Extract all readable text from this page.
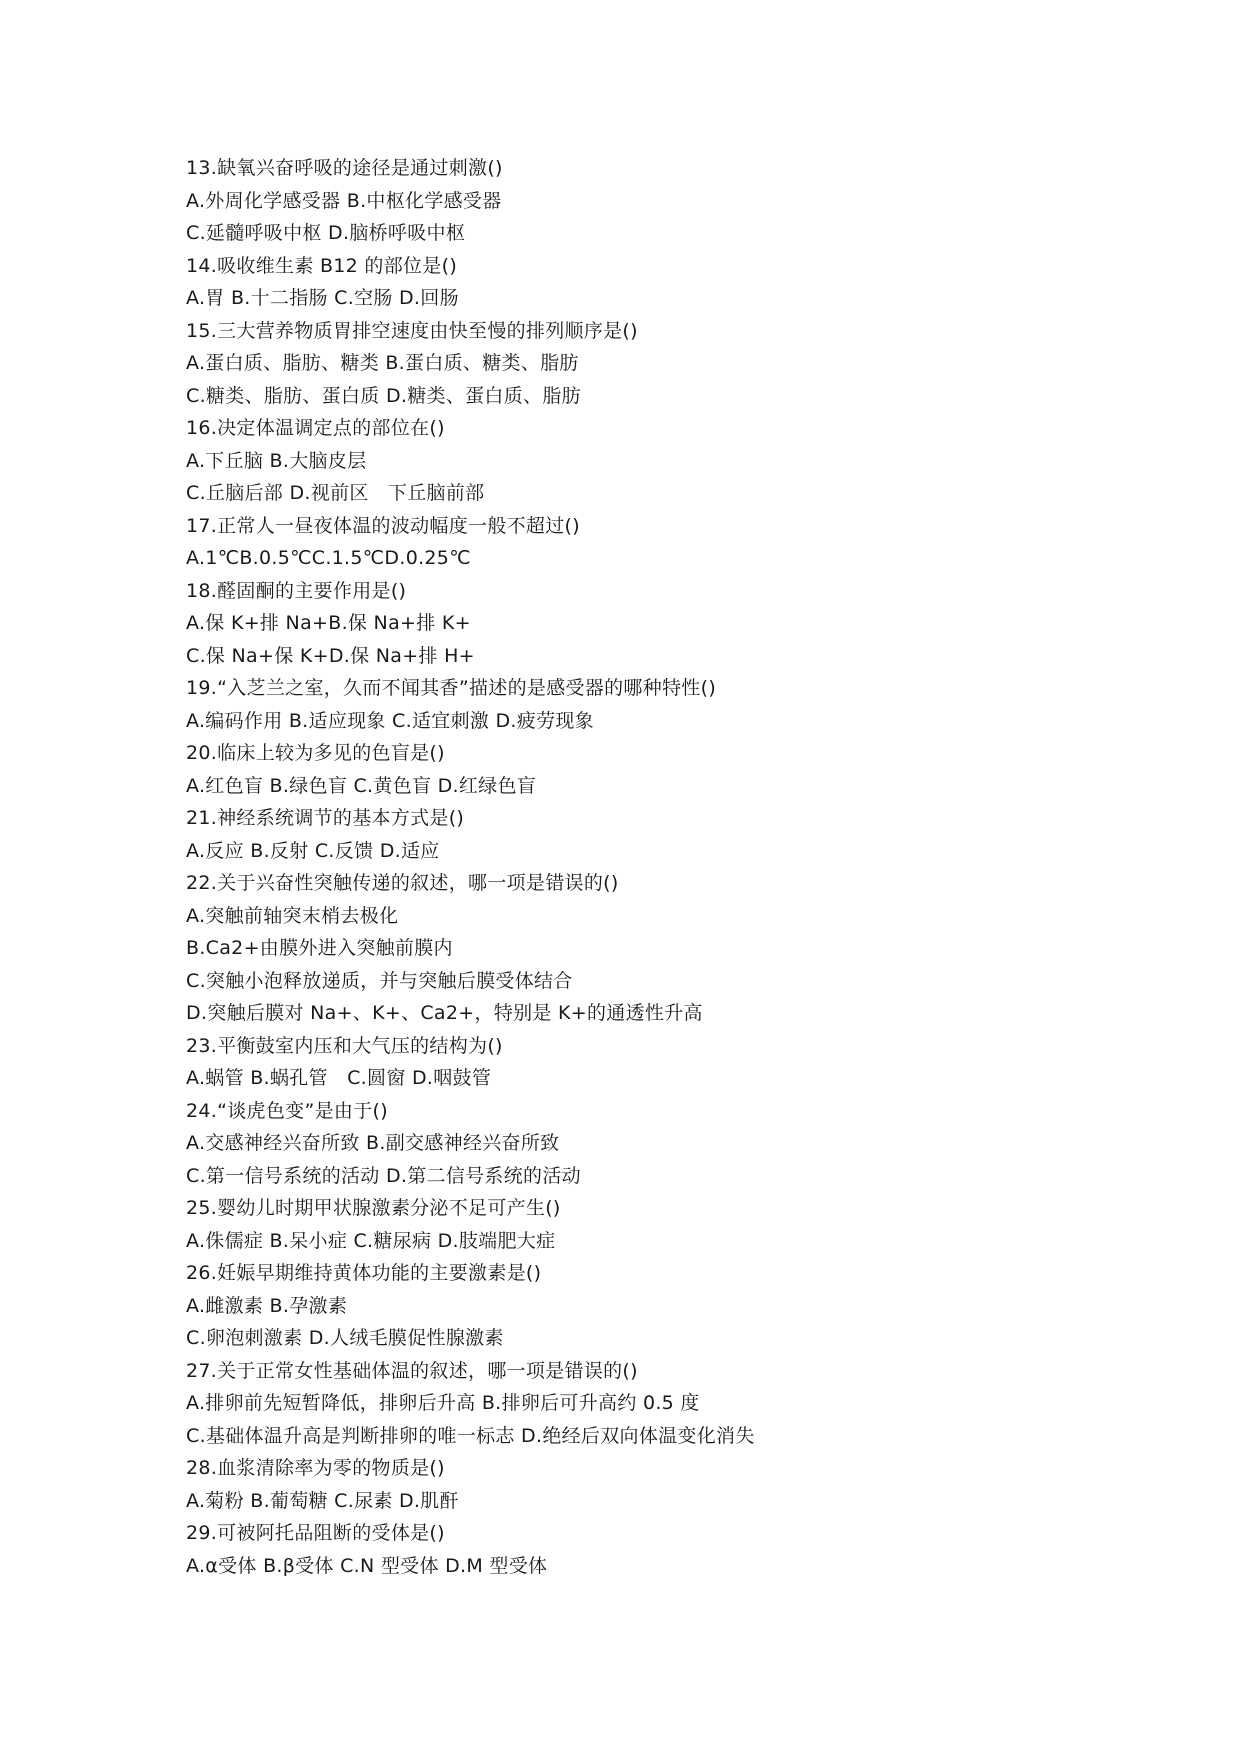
13.缺氧兴奋呼吸的途径是通过刺激()
A.外周化学感受器 B.中枢化学感受器
C.延髓呼吸中枢 D.脑桥呼吸中枢
14.吸收维生素 B12 的部位是()
A.胃 B.十二指肠 C.空肠 D.回肠
15.三大营养物质胃排空速度由快至慢的排列顺序是()
A.蛋白质、脂肪、糖类 B.蛋白质、糖类、脂肪
C.糖类、脂肪、蛋白质 D.糖类、蛋白质、脂肪
16.决定体温调定点的部位在()
A.下丘脑 B.大脑皮层
C.丘脑后部 D.视前区　下丘脑前部
17.正常人一昼夜体温的波动幅度一般不超过()
A.1℃B.0.5℃C.1.5℃D.0.25℃
18.醛固酮的主要作用是()
A.保 K+排 Na+B.保 Na+排 K+
C.保 Na+保 K+D.保 Na+排 H+
19.“入芝兰之室，久而不闻其香”描述的是感受器的哪种特性()
A.编码作用 B.适应现象 C.适宜刺激 D.疲劳现象
20.临床上较为多见的色盲是()
A.红色盲 B.绿色盲 C.黄色盲 D.红绿色盲
21.神经系统调节的基本方式是()
A.反应 B.反射 C.反馈 D.适应
22.关于兴奋性突触传递的叙述，哪一项是错误的()
A.突触前轴突末梢去极化
B.Ca2+由膜外进入突触前膜内
C.突触小泡释放递质，并与突触后膜受体结合
D.突触后膜对 Na+、K+、Ca2+，特别是 K+的通透性升高
23.平衡鼓室内压和大气压的结构为()
A.蜗管 B.蜗孔管　C.圆窗 D.咽鼓管
24.“谈虎色变”是由于()
A.交感神经兴奋所致 B.副交感神经兴奋所致
C.第一信号系统的活动 D.第二信号系统的活动
25.婴幼儿时期甲状腺激素分泌不足可产生()
A.侏儒症 B.呆小症 C.糖尿病 D.肢端肥大症
26.妊娠早期维持黄体功能的主要激素是()
A.雌激素 B.孕激素
C.卵泡刺激素 D.人绒毛膜促性腺激素
27.关于正常女性基础体温的叙述，哪一项是错误的()
A.排卵前先短暂降低，排卵后升高 B.排卵后可升高约 0.5 度
C.基础体温升高是判断排卵的唯一标志 D.绝经后双向体温变化消失
28.血浆清除率为零的物质是()
A.菊粉 B.葡萄糖 C.尿素 D.肌酐
29.可被阿托品阻断的受体是()
A.α受体 B.β受体 C.N 型受体 D.M 型受体
